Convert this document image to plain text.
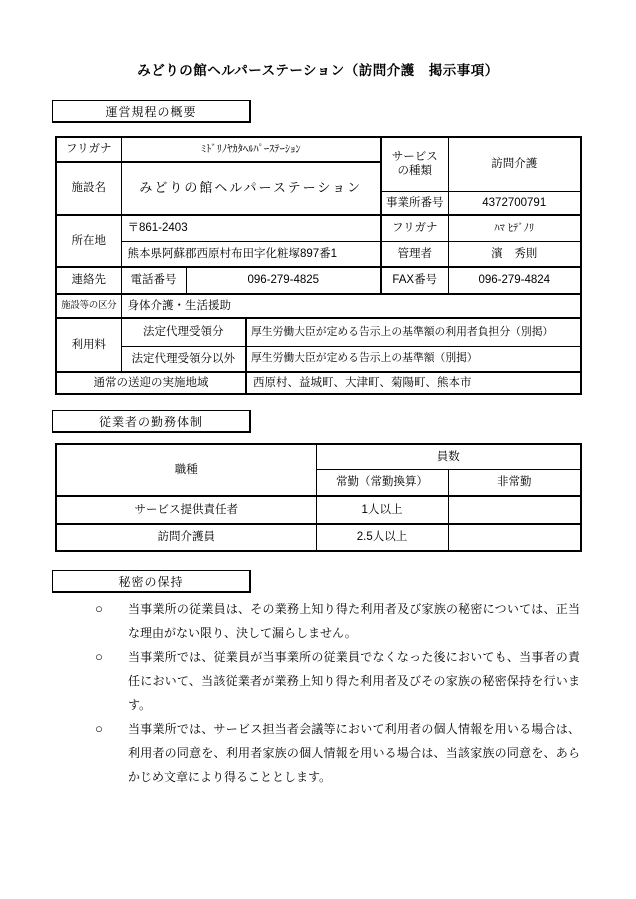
みどりの館ヘルパーステーション（訪問介護　掲示事項）
運営規程の概要
フリガナ	ﾐﾄﾞﾘﾉﾔｶﾀﾍﾙﾊﾟｰｽﾃｰｼｮﾝ			サービスの種類	訪問介護
施設名	みどりの館ヘルパーステーション				
				事業所番号	4372700791
所在地	〒861-2403			フリガナ	ﾊﾏ ﾋﾃﾞﾉﾘ
	熊本県阿蘇郡西原村布田字化粧塚897番1			管理者	濱　秀則
連絡先	電話番号	096-279-4825		FAX番号	096-279-4824
施設等の区分	身体介護・生活援助				
利用料	法定代理受領分		厚生労働大臣が定める告示上の基準額の利用者負担分（別掲）		
	法定代理受領分以外		厚生労働大臣が定める告示上の基準額（別掲）		
通常の送迎の実施地域			西原村、益城町、大津町、菊陽町、熊本市		
従業者の勤務体制
職種	員数	
	常勤（常勤換算）	非常勤
サービス提供責任者	1人以上	
訪問介護員	2.5人以上	
秘密の保持
○	当事業所の従業員は、その業務上知り得た利用者及び家族の秘密については、正当な理由がない限り、決して漏らしません。

○	当事業所では、従業員が当事業所の従業員でなくなった後においても、当事者の責任において、当該従業者が業務上知り得た利用者及びその家族の秘密保持を行います。

○	当事業所では、サービス担当者会議等において利用者の個人情報を用いる場合は、利用者の同意を、利用者家族の個人情報を用いる場合は、当該家族の同意を、あらかじめ文章により得ることとします。
